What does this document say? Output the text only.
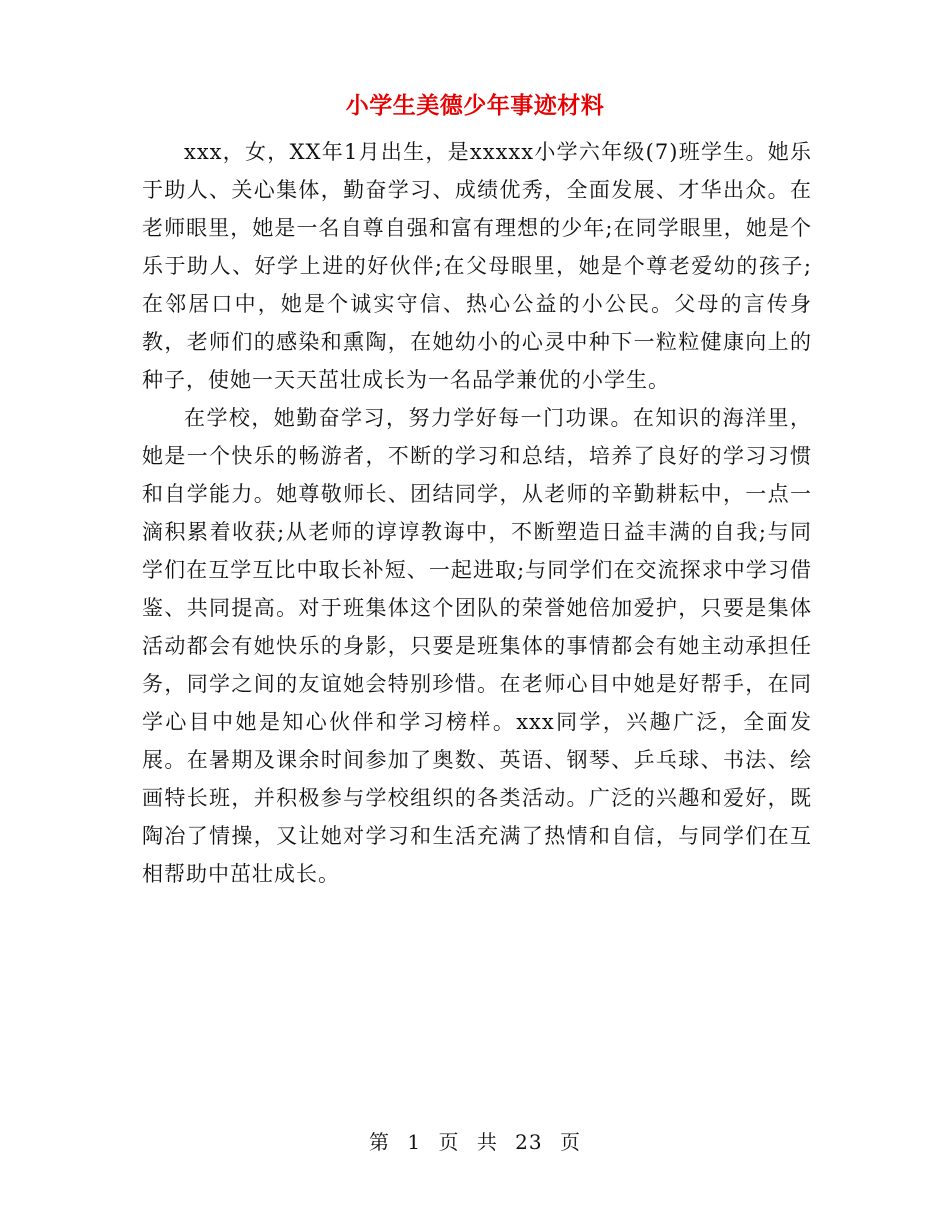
小学生美德少年事迹材料

xxx，女，XX年1月出生，是xxxxx小学六年级(7)班学生。她乐于助人、关心集体，勤奋学习、成绩优秀，全面发展、才华出众。在老师眼里，她是一名自尊自强和富有理想的少年;在同学眼里，她是个乐于助人、好学上进的好伙伴;在父母眼里，她是个尊老爱幼的孩子;在邻居口中，她是个诚实守信、热心公益的小公民。父母的言传身教，老师们的感染和熏陶，在她幼小的心灵中种下一粒粒健康向上的种子，使她一天天茁壮成长为一名品学兼优的小学生。

在学校，她勤奋学习，努力学好每一门功课。在知识的海洋里，她是一个快乐的畅游者，不断的学习和总结，培养了良好的学习习惯和自学能力。她尊敬师长、团结同学，从老师的辛勤耕耘中，一点一滴积累着收获;从老师的谆谆教诲中，不断塑造日益丰满的自我;与同学们在互学互比中取长补短、一起进取;与同学们在交流探求中学习借鉴、共同提高。对于班集体这个团队的荣誉她倍加爱护，只要是集体活动都会有她快乐的身影，只要是班集体的事情都会有她主动承担任务，同学之间的友谊她会特别珍惜。在老师心目中她是好帮手，在同学心目中她是知心伙伴和学习榜样。xxx同学，兴趣广泛，全面发展。在暑期及课余时间参加了奥数、英语、钢琴、乒乓球、书法、绘画特长班，并积极参与学校组织的各类活动。广泛的兴趣和爱好，既陶冶了情操，又让她对学习和生活充满了热情和自信，与同学们在互相帮助中茁壮成长。

第 1 页 共 23 页
